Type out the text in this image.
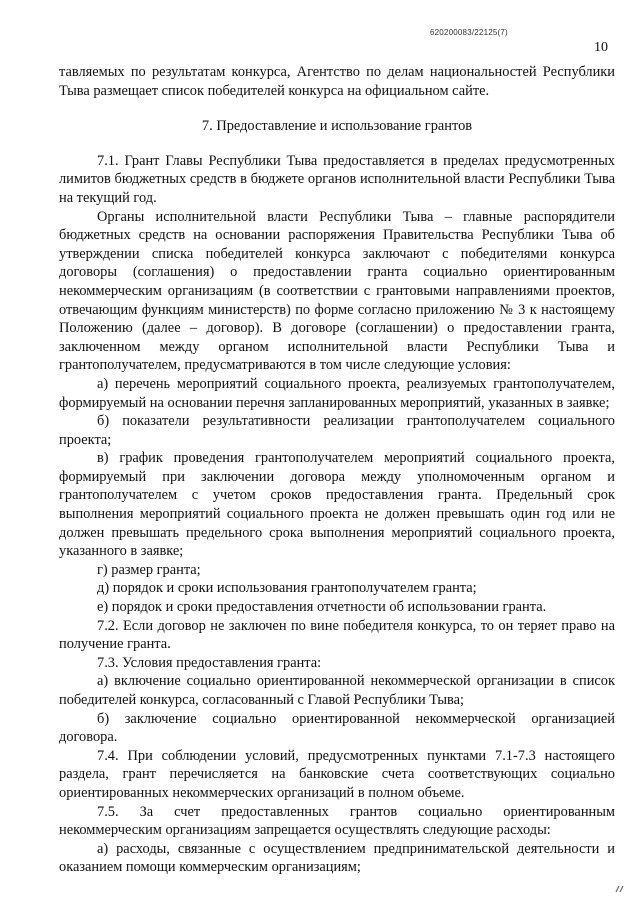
620200083/22125(7)
10

тавляемых по результатам конкурса, Агентство по делам национальностей Республики Тыва размещает список победителей конкурса на официальном сайте.

7. Предоставление и использование грантов

7.1. Грант Главы Республики Тыва предоставляется в пределах предусмотренных лимитов бюджетных средств в бюджете органов исполнительной власти Республики Тыва на текущий год.

Органы исполнительной власти Республики Тыва – главные распорядители бюджетных средств на основании распоряжения Правительства Республики Тыва об утверждении списка победителей конкурса заключают с победителями конкурса договоры (соглашения) о предоставлении гранта социально ориентированным некоммерческим организациям (в соответствии с грантовыми направлениями проектов, отвечающим функциям министерств) по форме согласно приложению № 3 к настоящему Положению (далее – договор). В договоре (соглашении) о предоставлении гранта, заключенном между органом исполнительной власти Республики Тыва и грантополучателем, предусматриваются в том числе следующие условия:

а) перечень мероприятий социального проекта, реализуемых грантополучателем, формируемый на основании перечня запланированных мероприятий, указанных в заявке;

б) показатели результативности реализации грантополучателем социального проекта;

в) график проведения грантополучателем мероприятий социального проекта, формируемый при заключении договора между уполномоченным органом и грантополучателем с учетом сроков предоставления гранта. Предельный срок выполнения мероприятий социального проекта не должен превышать один год или не должен превышать предельного срока выполнения мероприятий социального проекта, указанного в заявке;

г) размер гранта;

д) порядок и сроки использования грантополучателем гранта;

е) порядок и сроки предоставления отчетности об использовании гранта.

7.2. Если договор не заключен по вине победителя конкурса, то он теряет право на получение гранта.

7.3. Условия предоставления гранта:

а) включение социально ориентированной некоммерческой организации в список победителей конкурса, согласованный с Главой Республики Тыва;

б) заключение социально ориентированной некоммерческой организацией договора.

7.4. При соблюдении условий, предусмотренных пунктами 7.1-7.3 настоящего раздела, грант перечисляется на банковские счета соответствующих социально ориентированных некоммерческих организаций в полном объеме.

7.5. За счет предоставленных грантов социально ориентированным некоммерческим организациям запрещается осуществлять следующие расходы:

а) расходы, связанные с осуществлением предпринимательской деятельности и оказанием помощи коммерческим организациям;
